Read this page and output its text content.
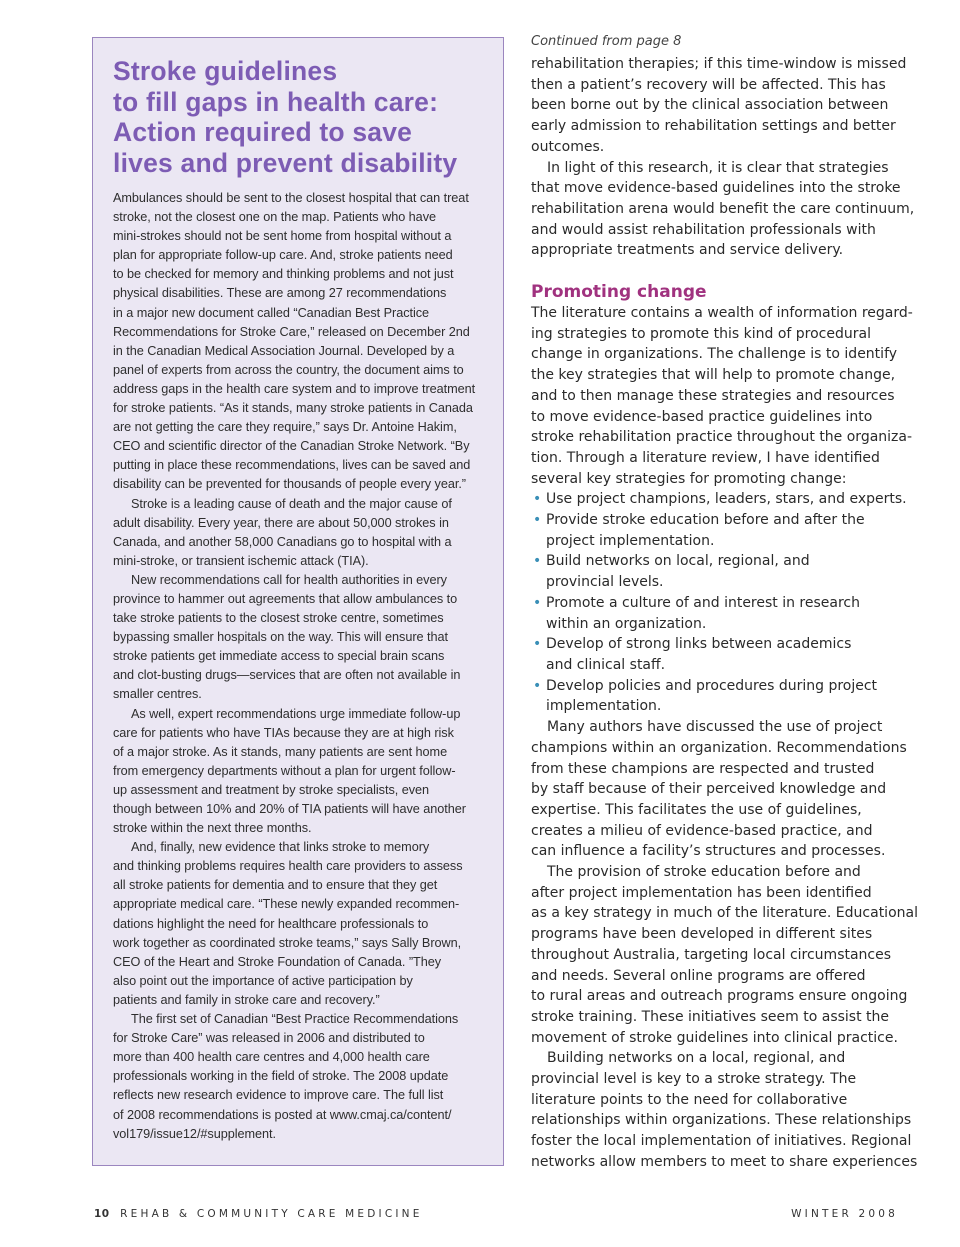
Stroke guidelines
to fill gaps in health care:
Action required to save
lives and prevent disability

Ambulances should be sent to the closest hospital that can treat
stroke, not the closest one on the map. Patients who have
mini-strokes should not be sent home from hospital without a
plan for appropriate follow-up care. And, stroke patients need
to be checked for memory and thinking problems and not just
physical disabilities. These are among 27 recommendations
in a major new document called “Canadian Best Practice
Recommendations for Stroke Care,” released on December 2nd
in the Canadian Medical Association Journal. Developed by a
panel of experts from across the country, the document aims to
address gaps in the health care system and to improve treatment
for stroke patients. “As it stands, many stroke patients in Canada
are not getting the care they require,” says Dr. Antoine Hakim,
CEO and scientific director of the Canadian Stroke Network. “By
putting in place these recommendations, lives can be saved and
disability can be prevented for thousands of people every year.”

Stroke is a leading cause of death and the major cause of
adult disability. Every year, there are about 50,000 strokes in
Canada, and another 58,000 Canadians go to hospital with a
mini-stroke, or transient ischemic attack (TIA).

New recommendations call for health authorities in every
province to hammer out agreements that allow ambulances to
take stroke patients to the closest stroke centre, sometimes
bypassing smaller hospitals on the way. This will ensure that
stroke patients get immediate access to special brain scans
and clot-busting drugs—services that are often not available in
smaller centres.

As well, expert recommendations urge immediate follow-up
care for patients who have TIAs because they are at high risk
of a major stroke. As it stands, many patients are sent home
from emergency departments without a plan for urgent follow-
up assessment and treatment by stroke specialists, even
though between 10% and 20% of TIA patients will have another
stroke within the next three months.

And, finally, new evidence that links stroke to memory
and thinking problems requires health care providers to assess
all stroke patients for dementia and to ensure that they get
appropriate medical care. “These newly expanded recommen-
dations highlight the need for healthcare professionals to
work together as coordinated stroke teams,” says Sally Brown,
CEO of the Heart and Stroke Foundation of Canada. ”They
also point out the importance of active participation by
patients and family in stroke care and recovery.”

The first set of Canadian “Best Practice Recommendations
for Stroke Care” was released in 2006 and distributed to
more than 400 health care centres and 4,000 health care
professionals working in the field of stroke. The 2008 update
reflects new research evidence to improve care. The full list
of 2008 recommendations is posted at www.cmaj.ca/content/
vol179/issue12/#supplement.

Continued from page 8

rehabilitation therapies; if this time-window is missed
then a patient’s recovery will be affected. This has
been borne out by the clinical association between
early admission to rehabilitation settings and better
outcomes.

In light of this research, it is clear that strategies
that move evidence-based guidelines into the stroke
rehabilitation arena would benefit the care continuum,
and would assist rehabilitation professionals with
appropriate treatments and service delivery.

Promoting change

The literature contains a wealth of information regard-
ing strategies to promote this kind of procedural
change in organizations. The challenge is to identify
the key strategies that will help to promote change,
and to then manage these strategies and resources
to move evidence-based practice guidelines into
stroke rehabilitation practice throughout the organiza-
tion. Through a literature review, I have identified
several key strategies for promoting change:

• Use project champions, leaders, stars, and experts.
• Provide stroke education before and after the
project implementation.
• Build networks on local, regional, and
provincial levels.
• Promote a culture of and interest in research
within an organization.
• Develop of strong links between academics
and clinical staff.
• Develop policies and procedures during project
implementation.

Many authors have discussed the use of project
champions within an organization. Recommendations
from these champions are respected and trusted
by staff because of their perceived knowledge and
expertise. This facilitates the use of guidelines,
creates a milieu of evidence-based practice, and
can influence a facility’s structures and processes.

The provision of stroke education before and
after project implementation has been identified
as a key strategy in much of the literature. Educational
programs have been developed in different sites
throughout Australia, targeting local circumstances
and needs. Several online programs are offered
to rural areas and outreach programs ensure ongoing
stroke training. These initiatives seem to assist the
movement of stroke guidelines into clinical practice.

Building networks on a local, regional, and
provincial level is key to a stroke strategy. The
literature points to the need for collaborative
relationships within organizations. These relationships
foster the local implementation of initiatives. Regional
networks allow members to meet to share experiences

10 REHAB & COMMUNITY CARE MEDICINE	WINTER 2008
